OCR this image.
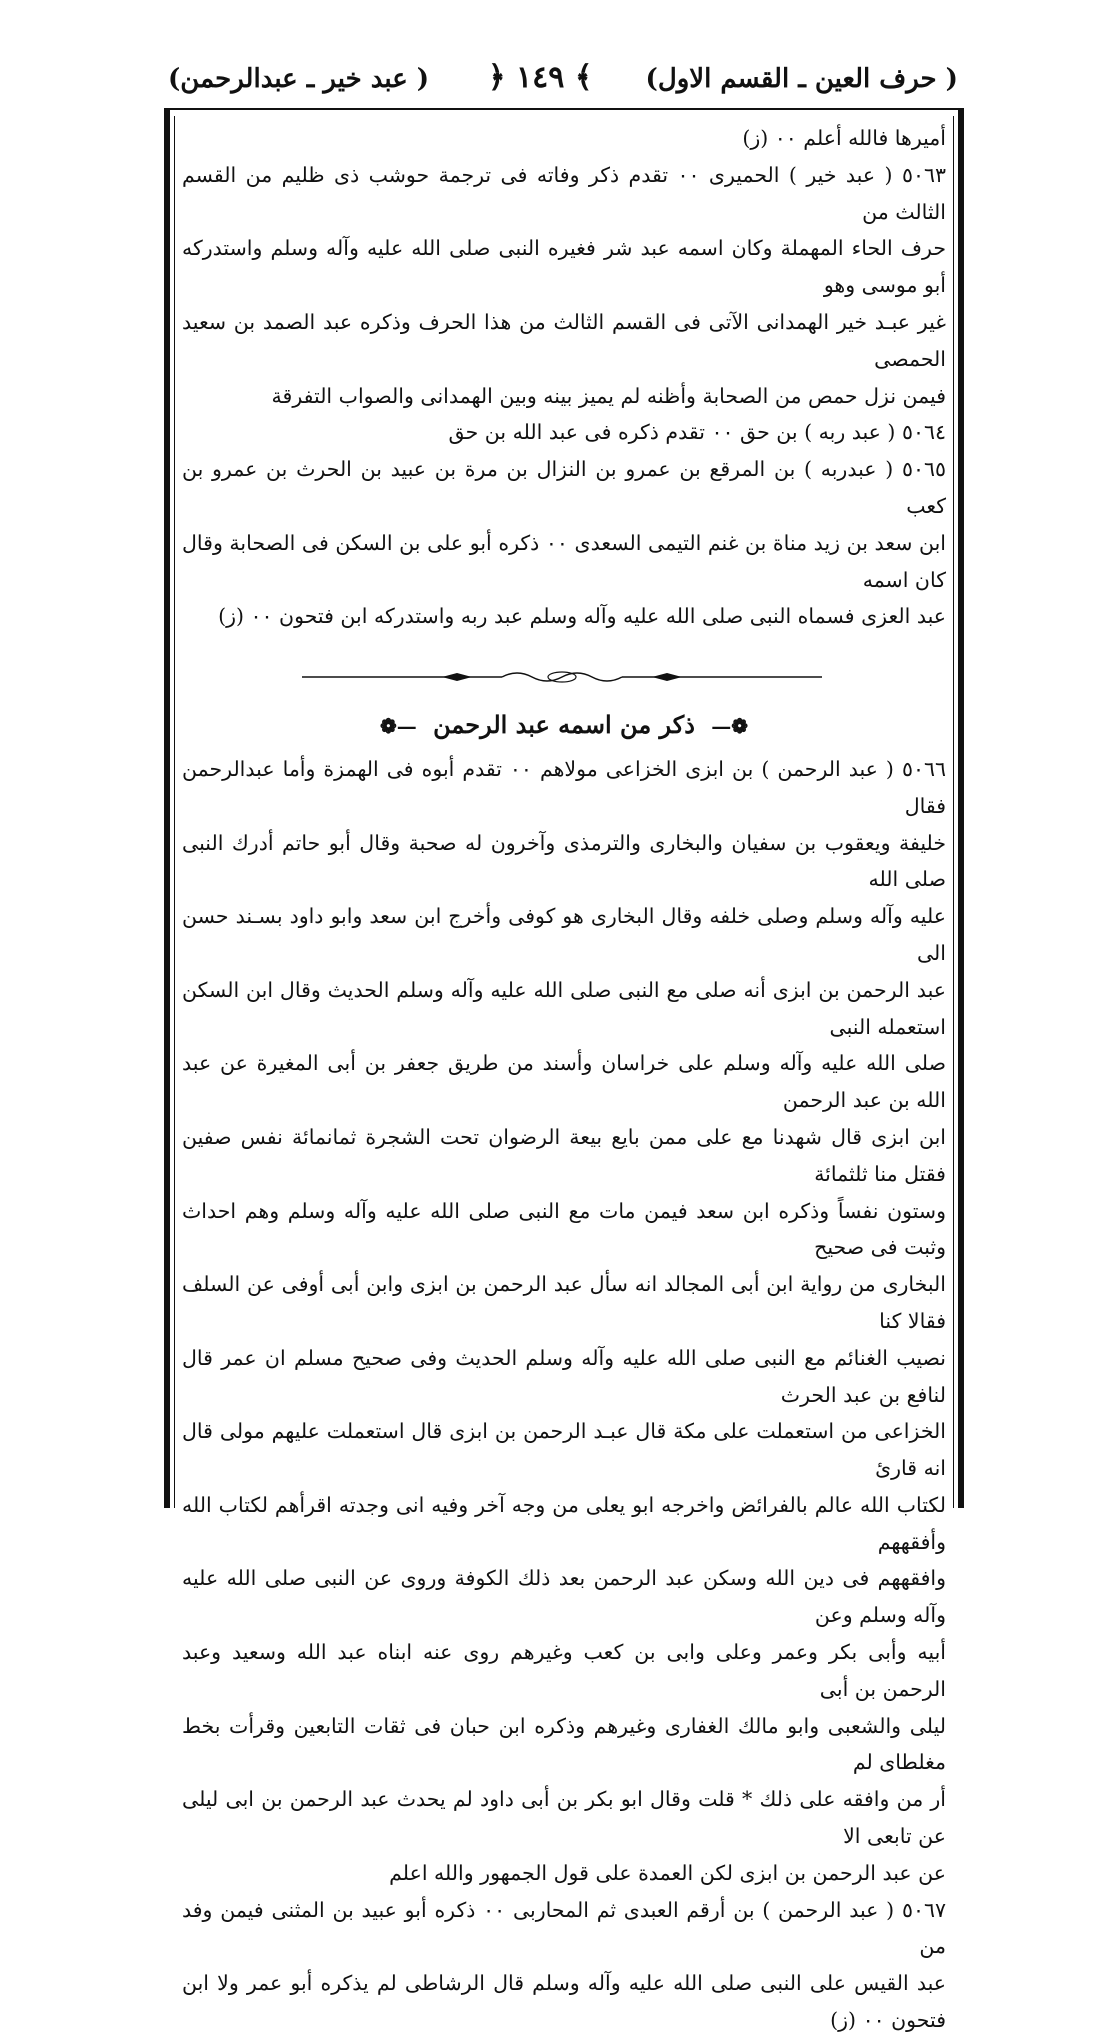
( حرف العين ـ القسم الاول)
﴿ ١٤٩ ﴾
( عبد خير ـ عبدالرحمن)

أميرها فالله أعلم ٠٠ (ز)

٥٠٦٣ ( عبد خير ) الحميرى ٠٠ تقدم ذكر وفاته فى ترجمة حوشب ذى ظليم من القسم الثالث من

حرف الحاء المهملة وكان اسمه عبد شر فغيره النبى صلى الله عليه وآله وسلم واستدركه أبو موسى وهو

غير عبـد خير الهمدانى الآتى فى القسم الثالث من هذا الحرف وذكره عبد الصمد بن سعيد الحمصى

فيمن نزل حمص من الصحابة وأظنه لم يميز بينه وبين الهمدانى والصواب التفرقة

٥٠٦٤ ( عبد ربه ) بن حق ٠٠ تقدم ذكره فى عبد الله بن حق

٥٠٦٥ ( عبدربه ) بن المرقع بن عمرو بن النزال بن مرة بن عبيد بن الحرث بن عمرو بن كعب

ابن سعد بن زيد مناة بن غنم التيمى السعدى ٠٠ ذكره أبو على بن السكن فى الصحابة وقال كان اسمه

عبد العزى فسماه النبى صلى الله عليه وآله وسلم عبد ربه واستدركه ابن فتحون ٠٠ (ز)

❁— ذكر من اسمه عبد الرحمن —❁

٥٠٦٦ ( عبد الرحمن ) بن ابزى الخزاعى مولاهم ٠٠ تقدم أبوه فى الهمزة وأما عبدالرحمن فقال

خليفة ويعقوب بن سفيان والبخارى والترمذى وآخرون له صحبة وقال أبو حاتم أدرك النبى صلى الله

عليه وآله وسلم وصلى خلفه وقال البخارى هو كوفى وأخرج ابن سعد وابو داود بسـند حسن الى

عبد الرحمن بن ابزى أنه صلى مع النبى صلى الله عليه وآله وسلم الحديث وقال ابن السكن استعمله النبى

صلى الله عليه وآله وسلم على خراسان وأسند من طريق جعفر بن أبى المغيرة عن عبد الله بن عبد الرحمن

ابن ابزى قال شهدنا مع على ممن بايع بيعة الرضوان تحت الشجرة ثمانمائة نفس صفين فقتل منا ثلثمائة

وستون نفساً وذكره ابن سعد فيمن مات مع النبى صلى الله عليه وآله وسلم وهم احداث وثبت فى صحيح

البخارى من رواية ابن أبى المجالد انه سأل عبد الرحمن بن ابزى وابن أبى أوفى عن السلف فقالا كنا

نصيب الغنائم مع النبى صلى الله عليه وآله وسلم الحديث وفى صحيح مسلم ان عمر قال لنافع بن عبد الحرث

الخزاعى من استعملت على مكة قال عبـد الرحمن بن ابزى قال استعملت عليهم مولى قال انه قارئ

لكتاب الله عالم بالفرائض واخرجه ابو يعلى من وجه آخر وفيه انى وجدته اقرأهم لكتاب الله وأفقههم

وافقههم فى دين الله وسكن عبد الرحمن بعد ذلك الكوفة وروى عن النبى صلى الله عليه وآله وسلم وعن

أبيه وأبى بكر وعمر وعلى وابى بن كعب وغيرهم روى عنه ابناه عبد الله وسعيد وعبد الرحمن بن أبى

ليلى والشعبى وابو مالك الغفارى وغيرهم وذكره ابن حبان فى ثقات التابعين وقرأت بخط مغلطاى لم

أر من وافقه على ذلك * قلت وقال ابو بكر بن أبى داود لم يحدث عبد الرحمن بن ابى ليلى عن تابعى الا

عن عبد الرحمن بن ابزى لكن العمدة على قول الجمهور والله اعلم

٥٠٦٧ ( عبد الرحمن ) بن أرقم العبدى ثم المحاربى ٠٠ ذكره أبو عبيد بن المثنى فيمن وفد من

عبد القيس على النبى صلى الله عليه وآله وسلم قال الرشاطى لم يذكره أبو عمر ولا ابن فتحون ٠٠ (ز)
